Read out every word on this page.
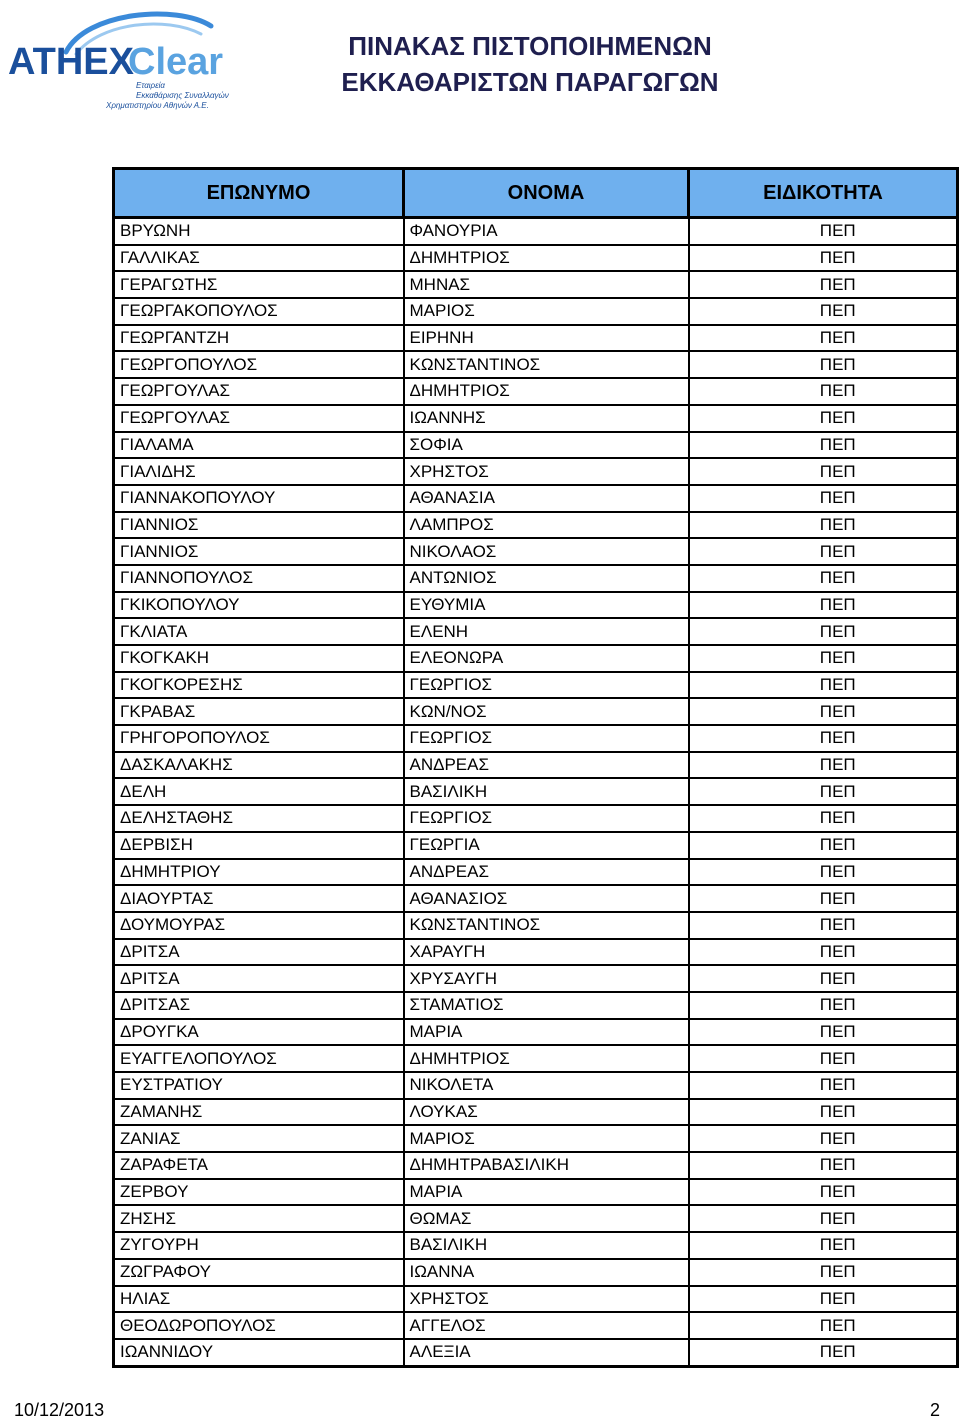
ATHEX
Clear
Εταιρεία
Εκκαθάρισης Συναλλαγών
Χρηματιστηρίου Αθηνών Α.Ε.
ΠΙΝΑΚΑΣ ΠΙΣΤΟΠΟΙΗΜΕΝΩΝ
ΕΚΚΑΘΑΡΙΣΤΩΝ ΠΑΡΑΓΩΓΩΝ
ΕΠΩΝΥΜΟ	ΟΝΟΜΑ	ΕΙΔΙΚΟΤΗΤΑ
ΒΡΥΩΝΗ	ΦΑΝΟΥΡΙΑ	ΠΕΠ
ΓΑΛΛΙΚΑΣ	ΔΗΜΗΤΡΙΟΣ	ΠΕΠ
ΓΕΡΑΓΩΤΗΣ	ΜΗΝΑΣ	ΠΕΠ
ΓΕΩΡΓΑΚΟΠΟΥΛΟΣ	ΜΑΡΙΟΣ	ΠΕΠ
ΓΕΩΡΓΑΝΤΖΗ	ΕΙΡΗΝΗ	ΠΕΠ
ΓΕΩΡΓΟΠΟΥΛΟΣ	ΚΩΝΣΤΑΝΤΙΝΟΣ	ΠΕΠ
ΓΕΩΡΓΟΥΛΑΣ	ΔΗΜΗΤΡΙΟΣ	ΠΕΠ
ΓΕΩΡΓΟΥΛΑΣ	ΙΩΑΝΝΗΣ	ΠΕΠ
ΓΙΑΛΑΜΑ	ΣΟΦΙΑ	ΠΕΠ
ΓΙΑΛΙΔΗΣ	ΧΡΗΣΤΟΣ	ΠΕΠ
ΓΙΑΝΝΑΚΟΠΟΥΛΟΥ	ΑΘΑΝΑΣΙΑ	ΠΕΠ
ΓΙΑΝΝΙΟΣ	ΛΑΜΠΡΟΣ	ΠΕΠ
ΓΙΑΝΝΙΟΣ	ΝΙΚΟΛΑΟΣ	ΠΕΠ
ΓΙΑΝΝΟΠΟΥΛΟΣ	ΑΝΤΩΝΙΟΣ	ΠΕΠ
ΓΚΙΚΟΠΟΥΛΟΥ	ΕΥΘΥΜΙΑ	ΠΕΠ
ΓΚΛΙΑΤΑ	ΕΛΕΝΗ	ΠΕΠ
ΓΚΟΓΚΑΚΗ	ΕΛΕΟΝΩΡΑ	ΠΕΠ
ΓΚΟΓΚΟΡΕΣΗΣ	ΓΕΩΡΓΙΟΣ	ΠΕΠ
ΓΚΡΑΒΑΣ	ΚΩΝ/ΝΟΣ	ΠΕΠ
ΓΡΗΓΟΡΟΠΟΥΛΟΣ	ΓΕΩΡΓΙΟΣ	ΠΕΠ
ΔΑΣΚΑΛΑΚΗΣ	ΑΝΔΡΕΑΣ	ΠΕΠ
ΔΕΛΗ	ΒΑΣΙΛΙΚΗ	ΠΕΠ
ΔΕΛΗΣΤΑΘΗΣ	ΓΕΩΡΓΙΟΣ	ΠΕΠ
ΔΕΡΒΙΣΗ	ΓΕΩΡΓΙΑ	ΠΕΠ
ΔΗΜΗΤΡΙΟΥ	ΑΝΔΡΕΑΣ	ΠΕΠ
ΔΙΑΟΥΡΤΑΣ	ΑΘΑΝΑΣΙΟΣ	ΠΕΠ
ΔΟΥΜΟΥΡΑΣ	ΚΩΝΣΤΑΝΤΙΝΟΣ	ΠΕΠ
ΔΡΙΤΣΑ	ΧΑΡΑΥΓΗ	ΠΕΠ
ΔΡΙΤΣΑ	ΧΡΥΣΑΥΓΗ	ΠΕΠ
ΔΡΙΤΣΑΣ	ΣΤΑΜΑΤΙΟΣ	ΠΕΠ
ΔΡΟΥΓΚΑ	ΜΑΡΙΑ	ΠΕΠ
ΕΥΑΓΓΕΛΟΠΟΥΛΟΣ	ΔΗΜΗΤΡΙΟΣ	ΠΕΠ
ΕΥΣΤΡΑΤΙΟΥ	ΝΙΚΟΛΕΤΑ	ΠΕΠ
ΖΑΜΑΝΗΣ	ΛΟΥΚΑΣ	ΠΕΠ
ΖΑΝΙΑΣ	ΜΑΡΙΟΣ	ΠΕΠ
ΖΑΡΑΦΕΤΑ	ΔΗΜΗΤΡΑΒΑΣΙΛΙΚΗ	ΠΕΠ
ΖΕΡΒΟΥ	ΜΑΡΙΑ	ΠΕΠ
ΖΗΣΗΣ	ΘΩΜΑΣ	ΠΕΠ
ΖΥΓΟΥΡΗ	ΒΑΣΙΛΙΚΗ	ΠΕΠ
ΖΩΓΡΑΦΟΥ	ΙΩΑΝΝΑ	ΠΕΠ
ΗΛΙΑΣ	ΧΡΗΣΤΟΣ	ΠΕΠ
ΘΕΟΔΩΡΟΠΟΥΛΟΣ	ΑΓΓΕΛΟΣ	ΠΕΠ
ΙΩΑΝΝΙΔΟΥ	ΑΛΕΞΙΑ	ΠΕΠ
10/12/2013	2
